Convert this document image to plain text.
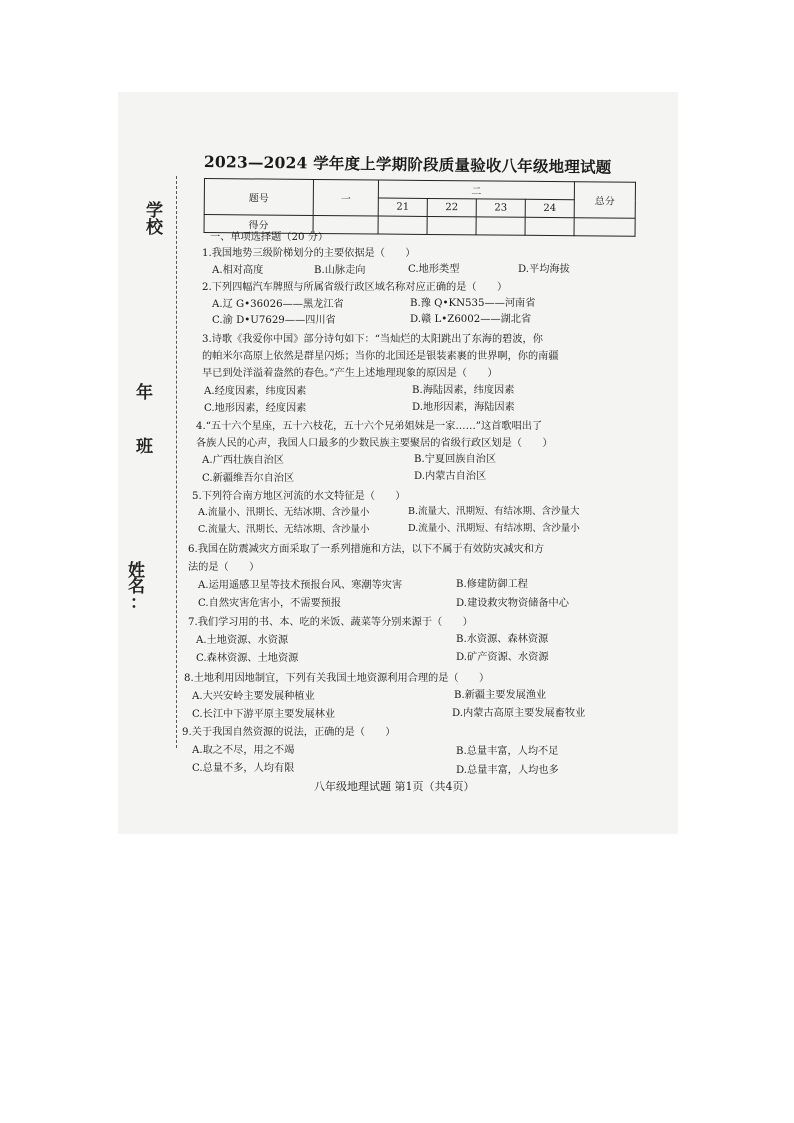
学
校
年
班
姓
名
：
2023—2024 学年度上学期阶段质量验收八年级地理试题
题号	一	二				总分
		21	22	23	24	
得分						
一、单项选择题（20 分）
1.我国地势三级阶梯划分的主要依据是（　　）
A.相对高度	B.山脉走向	C.地形类型	D.平均海拔
2.下列四幅汽车牌照与所属省级行政区域名称对应正确的是（　　）
A.辽 G•36026——黑龙江省	B.豫 Q•KN535——河南省
C.渝 D•U7629——四川省	D.赣 L•Z6002——湖北省
3.诗歌《我爱你中国》部分诗句如下：“当灿烂的太阳跳出了东海的碧波，你
的帕米尔高原上依然是群星闪烁；当你的北国还是银装素裹的世界啊，你的南疆
早已到处洋溢着盎然的春色。”产生上述地理现象的原因是（　　）
A.经度因素，纬度因素	B.海陆因素，纬度因素
C.地形因素，经度因素	D.地形因素，海陆因素
4.“五十六个星座，五十六枝花，五十六个兄弟姐妹是一家……”这首歌唱出了
各族人民的心声，我国人口最多的少数民族主要聚居的省级行政区划是（　　）
A.广西壮族自治区	B.宁夏回族自治区
C.新疆维吾尔自治区	D.内蒙古自治区
5.下列符合南方地区河流的水文特征是（　　）
A.流量小、汛期长、无结冰期、含沙量小	B.流量大、汛期短、有结冰期、含沙量大
C.流量大、汛期长、无结冰期、含沙量小	D.流量小、汛期短、有结冰期、含沙量小
6.我国在防震减灾方面采取了一系列措施和方法，以下不属于有效防灾减灾和方
法的是（　　）
A.运用遥感卫星等技术预报台风、寒潮等灾害	B.修建防御工程
C.自然灾害危害小，不需要预报	D.建设救灾物资储备中心
7.我们学习用的书、本、吃的米饭、蔬菜等分别来源于（　　）
A.土地资源、水资源	B.水资源、森林资源
C.森林资源、土地资源	D.矿产资源、水资源
8.土地利用因地制宜，下列有关我国土地资源利用合理的是（　　）
A.大兴安岭主要发展种植业	B.新疆主要发展渔业
C.长江中下游平原主要发展林业	D.内蒙古高原主要发展畜牧业
9.关于我国自然资源的说法，正确的是（　　）
A.取之不尽，用之不竭	B.总量丰富，人均不足
C.总量不多，人均有限	D.总量丰富，人均也多
八年级地理试题 第1页（共4页）
